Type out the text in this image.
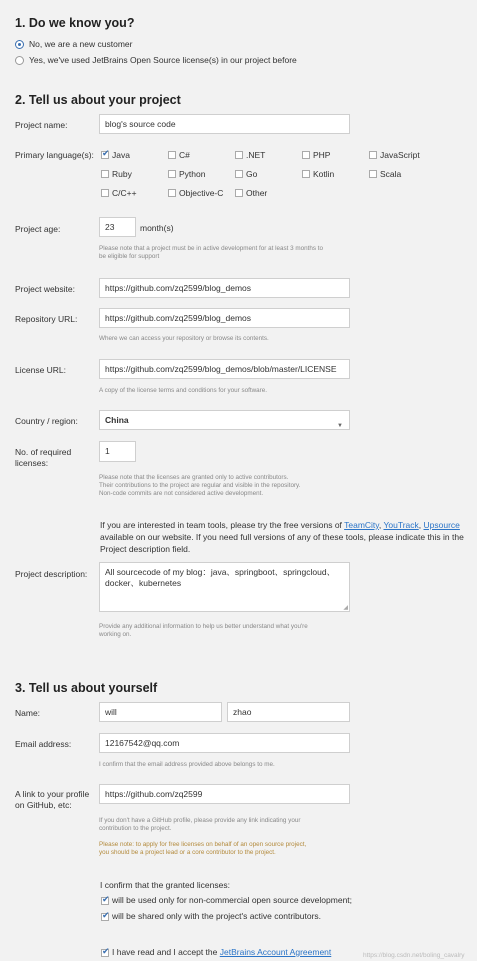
1. Do we know you?
No, we are a new customer
Yes, we've used JetBrains Open Source license(s) in our project before
2. Tell us about your project
Project name:	blog's source code
Primary language(s):
✔ Java	C#	.NET	PHP	JavaScript
Ruby	Python	Go	Kotlin	Scala
C/C++	Objective-C	Other
Project age:	23	month(s)
Please note that a project must be in active development for at least 3 months to
be eligible for support
Project website:	https://github.com/zq2599/blog_demos
Repository URL:	https://github.com/zq2599/blog_demos
Where we can access your repository or browse its contents.
License URL:	https://github.com/zq2599/blog_demos/blob/master/LICENSE
A copy of the license terms and conditions for your software.
Country / region:	China
▼
No. of required
licenses:
1
Please note that the licenses are granted only to active contributors.
Their contributions to the project are regular and visible in the repository.
Non-code commits are not considered active development.
If you are interested in team tools, please try the free versions of TeamCity, YouTrack, Upsource
available on our website. If you need full versions of any of these tools, please indicate this in the
Project description field.
Project description: All sourcecode of my blog：java、springboot、springcloud、
docker、kubernetes
◢
Provide any additional information to help us better understand what you're
working on.
3. Tell us about yourself
Name:	will	zhao
Email address:	12167542@qq.com
I confirm that the email address provided above belongs to me.
A link to your profile
on GitHub, etc:
https://github.com/zq2599
If you don't have a GitHub profile, please provide any link indicating your
contribution to the project.
Please note: to apply for free licenses on behalf of an open source project,
you should be a project lead or a core contributor to the project.
I confirm that the granted licenses:
✔
will be used only for non-commercial open source development;
✔
will be shared only with the project's active contributors.
✔
I have read and I accept the JetBrains Account Agreement	https://blog.csdn.net/boling_cavalry
